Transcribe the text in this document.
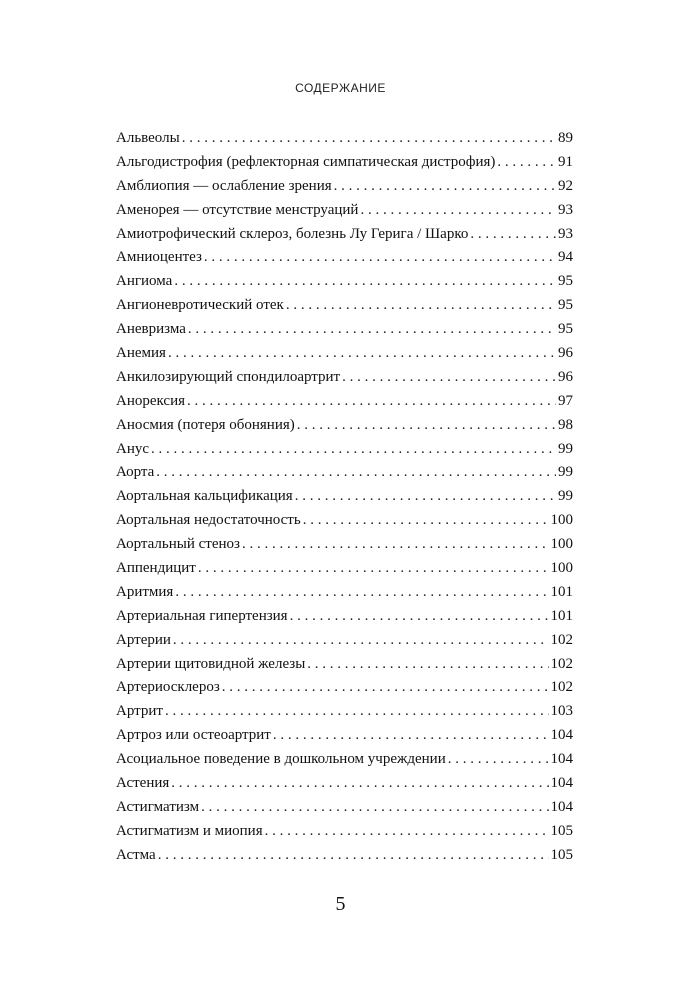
СОДЕРЖАНИЕ
Альвеолы . . .	89
Альгодистрофия (рефлекторная симпатическая дистрофия) . . .	91
Амблиопия — ослабление зрения . . .	92
Аменорея — отсутствие менструаций . . .	93
Амиотрофический склероз, болезнь Лу Герига / Шарко . . .	93
Амниоцентез . . .	94
Ангиома . . .	95
Ангионевротический отек . . .	95
Аневризма . . .	95
Анемия . . .	96
Анкилозирующий спондилоартрит . . .	96
Анорексия . . .	97
Аносмия (потеря обоняния) . . .	98
Анус . . .	99
Аорта . . .	99
Аортальная кальцификация . . .	99
Аортальная недостаточность . . .	100
Аортальный стеноз . . .	100
Аппендицит . . .	100
Аритмия . . .	101
Артериальная гипертензия . . .	101
Артерии . . .	102
Артерии щитовидной железы . . .	102
Артериосклероз . . .	102
Артрит . . .	103
Артроз или остеоартрит . . .	104
Асоциальное поведение в дошкольном учреждении . . .	104
Астения . . .	104
Астигматизм . . .	104
Астигматизм и миопия . . .	105
Астма . . .	105
5
